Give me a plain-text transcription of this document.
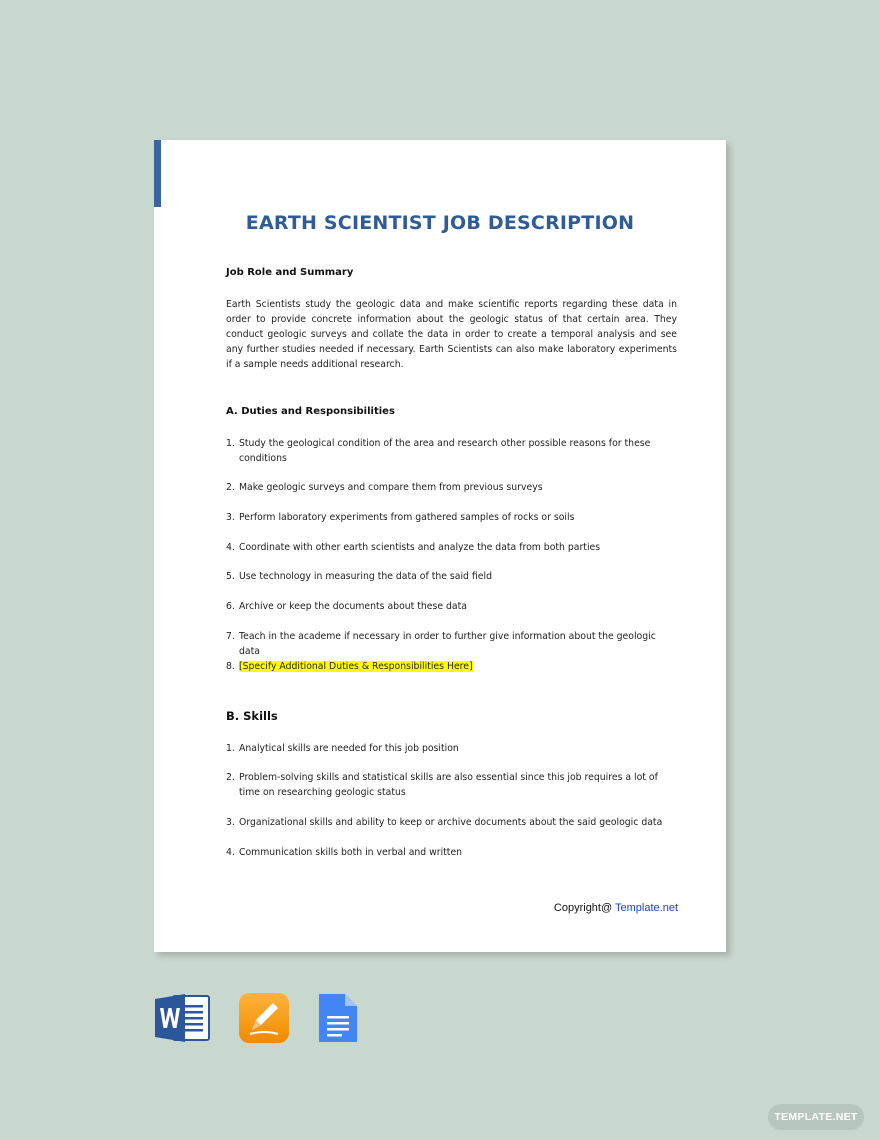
EARTH SCIENTIST JOB DESCRIPTION
Job Role and Summary

Earth Scientists study the geologic data and make scientific reports regarding these data in order to provide concrete information about the geologic status of that certain area. They conduct geologic surveys and collate the data in order to create a temporal analysis and see any further studies needed if necessary. Earth Scientists can also make laboratory experiments if a sample needs additional research.

A. Duties and Responsibilities
1. Study the geological condition of the area and research other possible reasons for these conditions
2. Make geologic surveys and compare them from previous surveys
3. Perform laboratory experiments from gathered samples of rocks or soils
4. Coordinate with other earth scientists and analyze the data from both parties
5. Use technology in measuring the data of the said field
6. Archive or keep the documents about these data
7. Teach in the academe if necessary in order to further give information about the geologic data
8. [Specify Additional Duties & Responsibilities Here]
B. Skills
1. Analytical skills are needed for this job position
2. Problem-solving skills and statistical skills are also essential since this job requires a lot of time on researching geologic status
3. Organizational skills and ability to keep or archive documents about the said geologic data
4. Communication skills both in verbal and written
Copyright@ Template.net
TEMPLATE.NET
